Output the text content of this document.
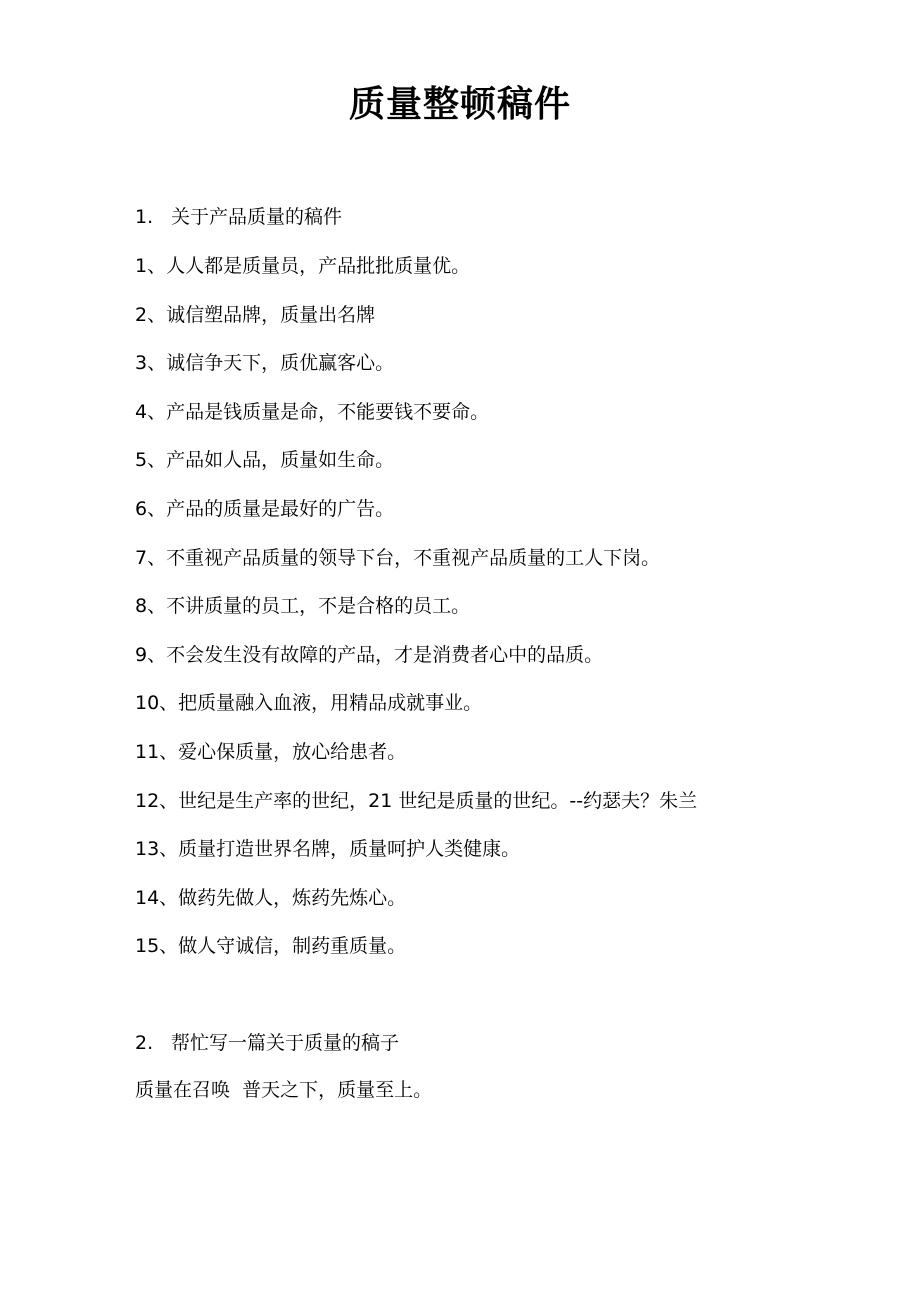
质量整顿稿件
1. 关于产品质量的稿件
1、人人都是质量员，产品批批质量优。
2、诚信塑品牌，质量出名牌
3、诚信争天下，质优赢客心。
4、产品是钱质量是命，不能要钱不要命。
5、产品如人品，质量如生命。
6、产品的质量是最好的广告。
7、不重视产品质量的领导下台，不重视产品质量的工人下岗。
8、不讲质量的员工，不是合格的员工。
9、不会发生没有故障的产品，才是消费者心中的品质。
10、把质量融入血液，用精品成就事业。
11、爱心保质量，放心给患者。
12、世纪是生产率的世纪，21 世纪是质量的世纪。--约瑟夫？朱兰
13、质量打造世界名牌，质量呵护人类健康。
14、做药先做人，炼药先炼心。
15、做人守诚信，制药重质量。
2. 帮忙写一篇关于质量的稿子
质量在召唤  普天之下，质量至上。
